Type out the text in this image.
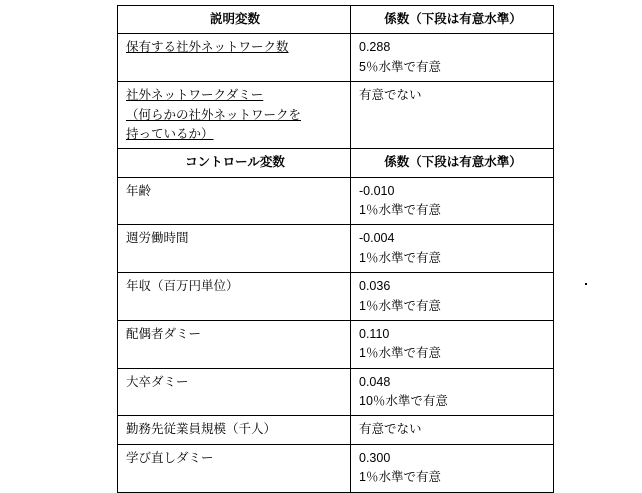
説明変数	係数（下段は有意水準）

保有する社外ネットワーク数	0.288
5％水準で有意

社外ネットワークダミー
（何らかの社外ネットワークを
持っているか）	有意でない

コントロール変数	係数（下段は有意水準）

年齢	-0.010
1％水準で有意

週労働時間	-0.004
1％水準で有意

年収（百万円単位）	0.036
1％水準で有意

配偶者ダミー	0.110
1％水準で有意

大卒ダミー	0.048
10％水準で有意

勤務先従業員規模（千人）	有意でない

学び直しダミー	0.300
1％水準で有意
